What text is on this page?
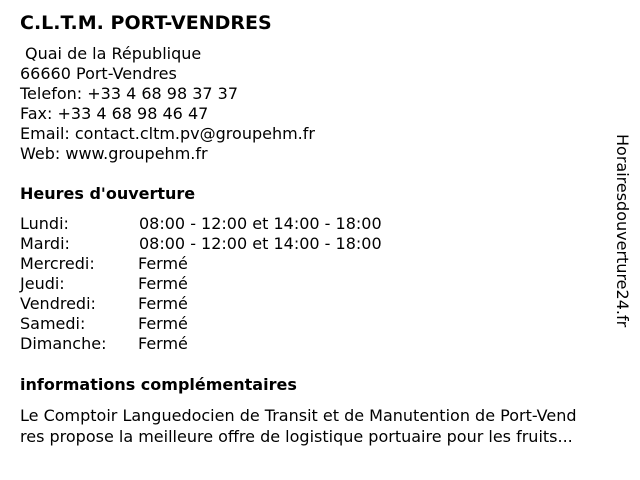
C.L.T.M. PORT-VENDRES
Quai de la République
66660 Port-Vendres
Telefon: +33 4 68 98 37 37
Fax: +33 4 68 98 46 47
Email: contact.cltm.pv@groupehm.fr
Web: www.groupehm.fr
Heures d'ouverture
Lundi:	08:00 - 12:00 et 14:00 - 18:00
Mardi:	08:00 - 12:00 et 14:00 - 18:00
Mercredi:	Fermé
Jeudi:	Fermé
Vendredi:	Fermé
Samedi:	Fermé
Dimanche: Fermé
informations complémentaires
Le Comptoir Languedocien de Transit et de Manutention de Port-Vend
res propose la meilleure offre de logistique portuaire pour les fruits...
Horairesdouverture24.fr
